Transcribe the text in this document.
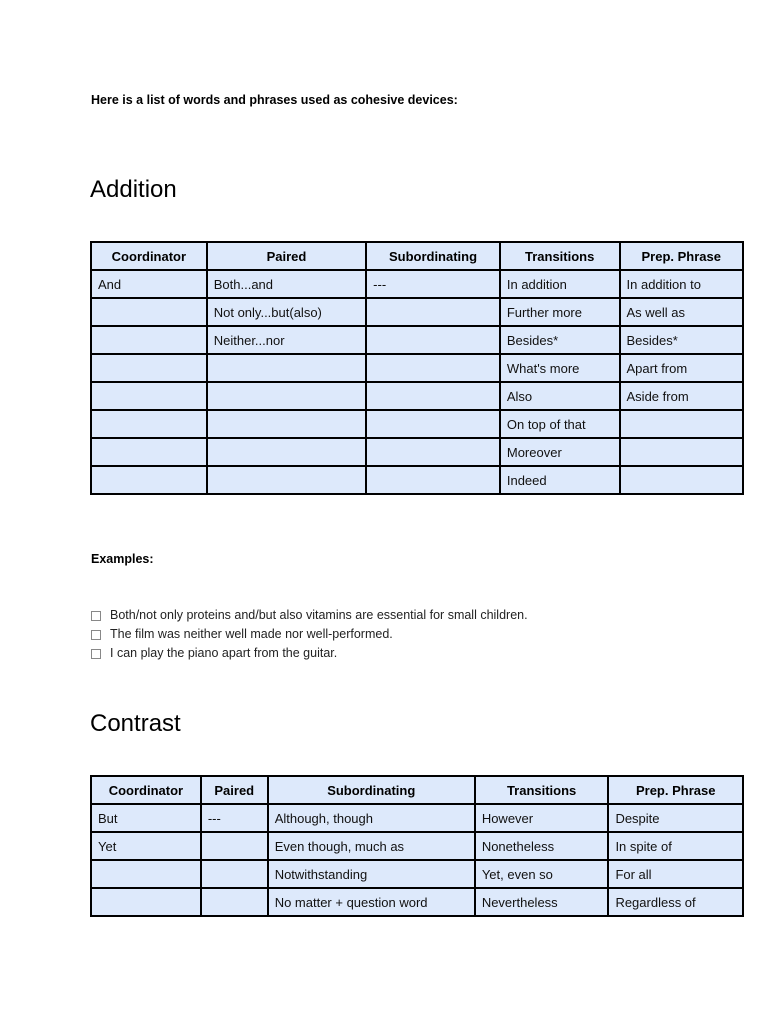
Here is a list of words and phrases used as cohesive devices:

Addition
Coordinator	Paired	Subordinating	Transitions	Prep. Phrase
And	Both...and	---	In addition	In addition to
	Not only...but(also)		Further more	As well as
	Neither...nor		Besides*	Besides*
			What's more	Apart from
			Also	Aside from
			On top of that	
			Moreover	
			Indeed	

Examples:

Both/not only proteins and/but also vitamins are essential for small children.
The film was neither well made nor well-performed.
I can play the piano apart from the guitar.
Contrast
Coordinator	Paired	Subordinating	Transitions	Prep. Phrase
But	---	Although, though	However	Despite
Yet		Even though, much as	Nonetheless	In spite of
		Notwithstanding	Yet, even so	For all
		No matter + question word	Nevertheless	Regardless of
